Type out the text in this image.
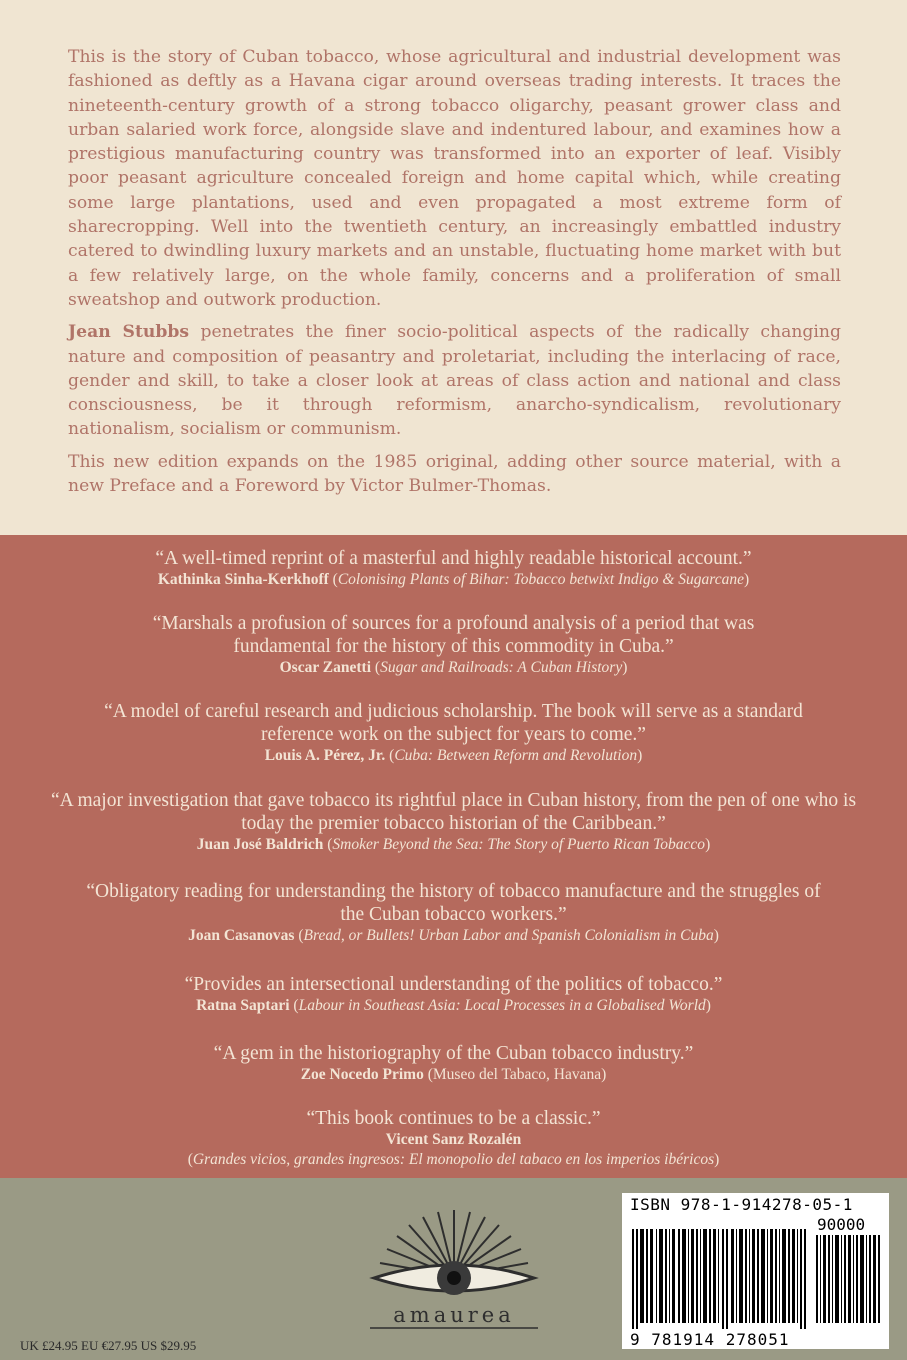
This is the story of Cuban tobacco, whose agricultural and industrial development was fashioned as deftly as a Havana cigar around overseas trading interests. It traces the nineteenth-century growth of a strong tobacco oligarchy, peasant grower class and urban salaried work force, alongside slave and indentured labour, and examines how a prestigious manufacturing country was transformed into an exporter of leaf. Visibly poor peasant agriculture concealed foreign and home capital which, while creating some large plantations, used and even propagated a most extreme form of sharecropping. Well into the twentieth century, an increasingly embattled industry catered to dwindling luxury markets and an unstable, fluctuating home market with but a few relatively large, on the whole family, concerns and a proliferation of small sweatshop and outwork production.

Jean Stubbs penetrates the finer socio-political aspects of the radically changing nature and composition of peasantry and proletariat, including the interlacing of race, gender and skill, to take a closer look at areas of class action and national and class consciousness, be it through reformism, anarcho-syndicalism, revolutionary nationalism, socialism or communism.

This new edition expands on the 1985 original, adding other source material, with a new Preface and a Foreword by Victor Bulmer-Thomas.

“A well-timed reprint of a masterful and highly readable historical account.”
Kathinka Sinha-Kerkhoff (Colonising Plants of Bihar: Tobacco betwixt Indigo & Sugarcane)
“Marshals a profusion of sources for a profound analysis of a period that was fundamental for the history of this commodity in Cuba.”
Oscar Zanetti (Sugar and Railroads: A Cuban History)
“A model of careful research and judicious scholarship. The book will serve as a standard reference work on the subject for years to come.”
Louis A. Pérez, Jr. (Cuba: Between Reform and Revolution)
“A major investigation that gave tobacco its rightful place in Cuban history, from the pen of one who is today the premier tobacco historian of the Caribbean.”
Juan José Baldrich (Smoker Beyond the Sea: The Story of Puerto Rican Tobacco)
“Obligatory reading for understanding the history of tobacco manufacture and the struggles of the Cuban tobacco workers.”
Joan Casanovas (Bread, or Bullets! Urban Labor and Spanish Colonialism in Cuba)
“Provides an intersectional understanding of the politics of tobacco.”
Ratna Saptari (Labour in Southeast Asia: Local Processes in a Globalised World)
“A gem in the historiography of the Cuban tobacco industry.”
Zoe Nocedo Primo (Museo del Tabaco, Havana)
“This book continues to be a classic.”
Vicent Sanz Rozalén
(Grandes vicios, grandes ingresos: El monopolio del tabaco en los imperios ibéricos)
UK £24.95 EU €27.95 US $29.95
amaurea
ISBN 978-1-914278-05-1
90000
9 781914 278051
